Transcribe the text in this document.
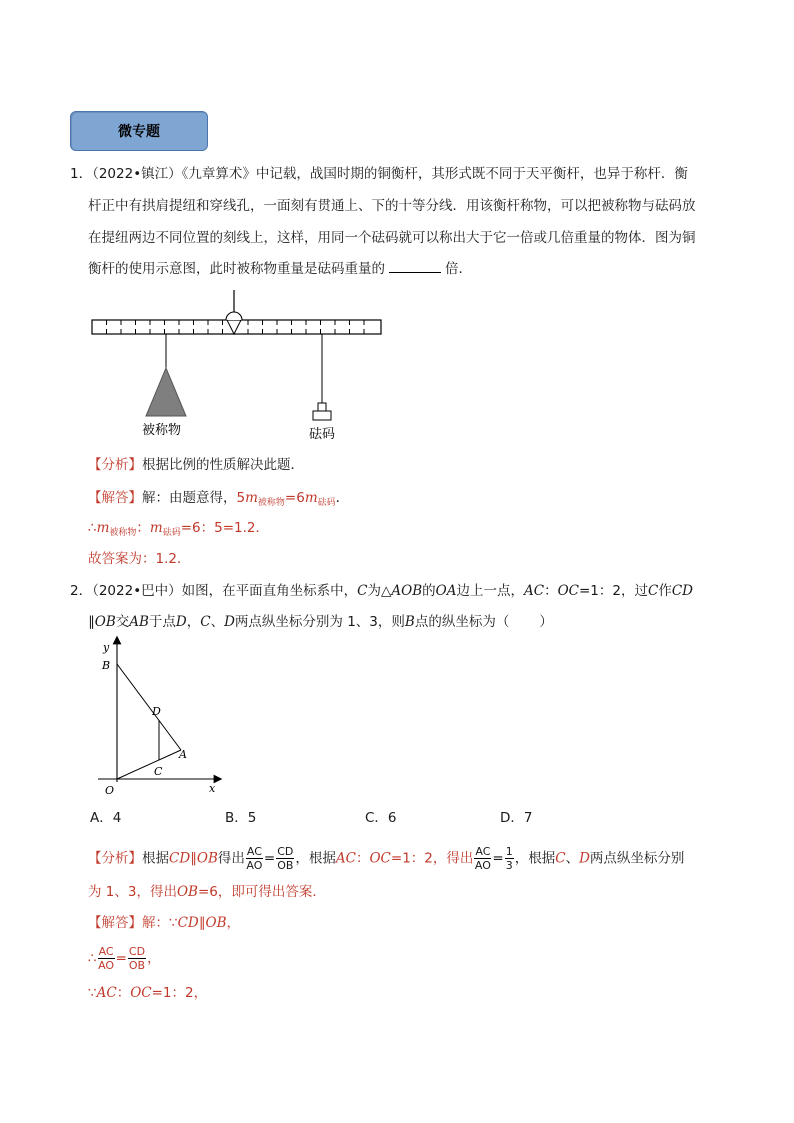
微专题
1．（2022•镇江）《九章算术》中记载，战国时期的铜衡杆，其形式既不同于天平衡杆，也异于称杆．衡
杆正中有拱肩提纽和穿线孔，一面刻有贯通上、下的十等分线．用该衡杆称物，可以把被称物与砝码放
在提纽两边不同位置的刻线上，这样，用同一个砝码就可以称出大于它一倍或几倍重量的物体．图为铜
衡杆的使用示意图，此时被称物重量是砝码重量的	倍．
被称物	砝码
【分析】根据比例的性质解决此题．
【解答】解：由题意得，$5m_{被称物}=6m_{砝码}$．
$\therefore m_{被称物}$：$m_{砝码}=6$：5=1.2．
故答案为：1.2．
2．（2022•巴中）如图，在平面直角坐标系中，C为△AOB的OA边上一点，AC：OC=1：2，过C作CD
∥OB交AB于点D，C、D两点纵坐标分别为 1、3，则B点的纵坐标为（ ）
y
x
O
B
D
A
C
A．4	B．5	C．6	D．7
【分析】根据CD∥OB得出 $\frac{AC}{AO} = \frac{CD}{OB}$ ，根据AC：OC=1：2，得出 $\frac{AC}{AO} = \frac{1}{3}$ ，根据C、D两点纵坐标分别
为 1、3，得出OB=6，即可得出答案．
【解答】解：∵CD∥OB，
∴ $\frac{AC}{AO} = \frac{CD}{OB}$ ，
∵AC：OC=1：2，
